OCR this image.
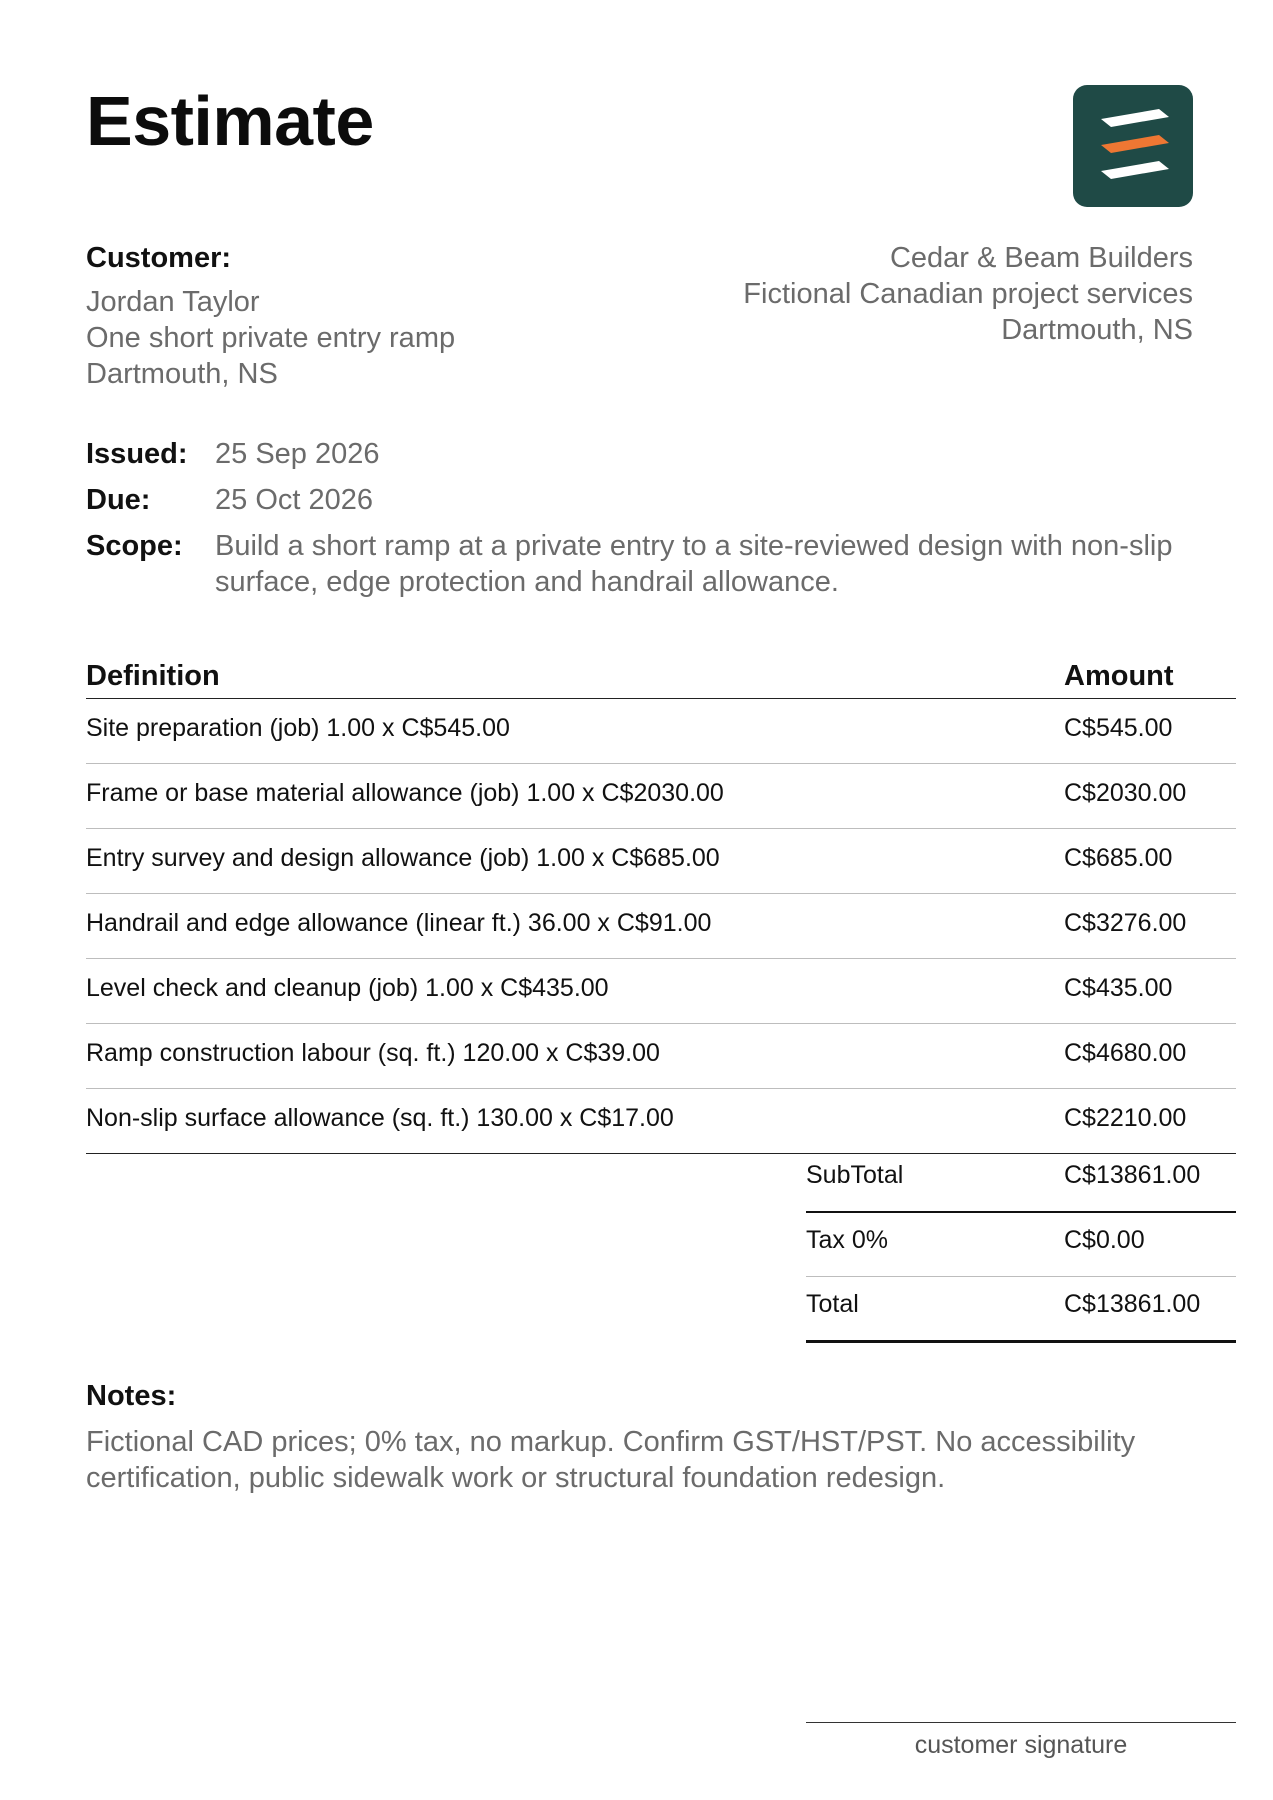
Estimate
Customer:
Jordan Taylor
One short private entry ramp
Dartmouth, NS
Cedar & Beam Builders
Fictional Canadian project services
Dartmouth, NS
Issued: 25 Sep 2026
Due: 25 Oct 2026
Scope: Build a short ramp at a private entry to a site-reviewed design with non-slip surface, edge protection and handrail allowance.
Definition	Amount
Site preparation (job) 1.00 x C$545.00	C$545.00
Frame or base material allowance (job) 1.00 x C$2030.00	C$2030.00
Entry survey and design allowance (job) 1.00 x C$685.00	C$685.00
Handrail and edge allowance (linear ft.) 36.00 x C$91.00	C$3276.00
Level check and cleanup (job) 1.00 x C$435.00	C$435.00
Ramp construction labour (sq. ft.) 120.00 x C$39.00	C$4680.00
Non-slip surface allowance (sq. ft.) 130.00 x C$17.00	C$2210.00
SubTotal	C$13861.00
Tax 0%	C$0.00
Total	C$13861.00
Notes:
Fictional CAD prices; 0% tax, no markup. Confirm GST/HST/PST. No accessibility certification, public sidewalk work or structural foundation redesign.
customer signature
